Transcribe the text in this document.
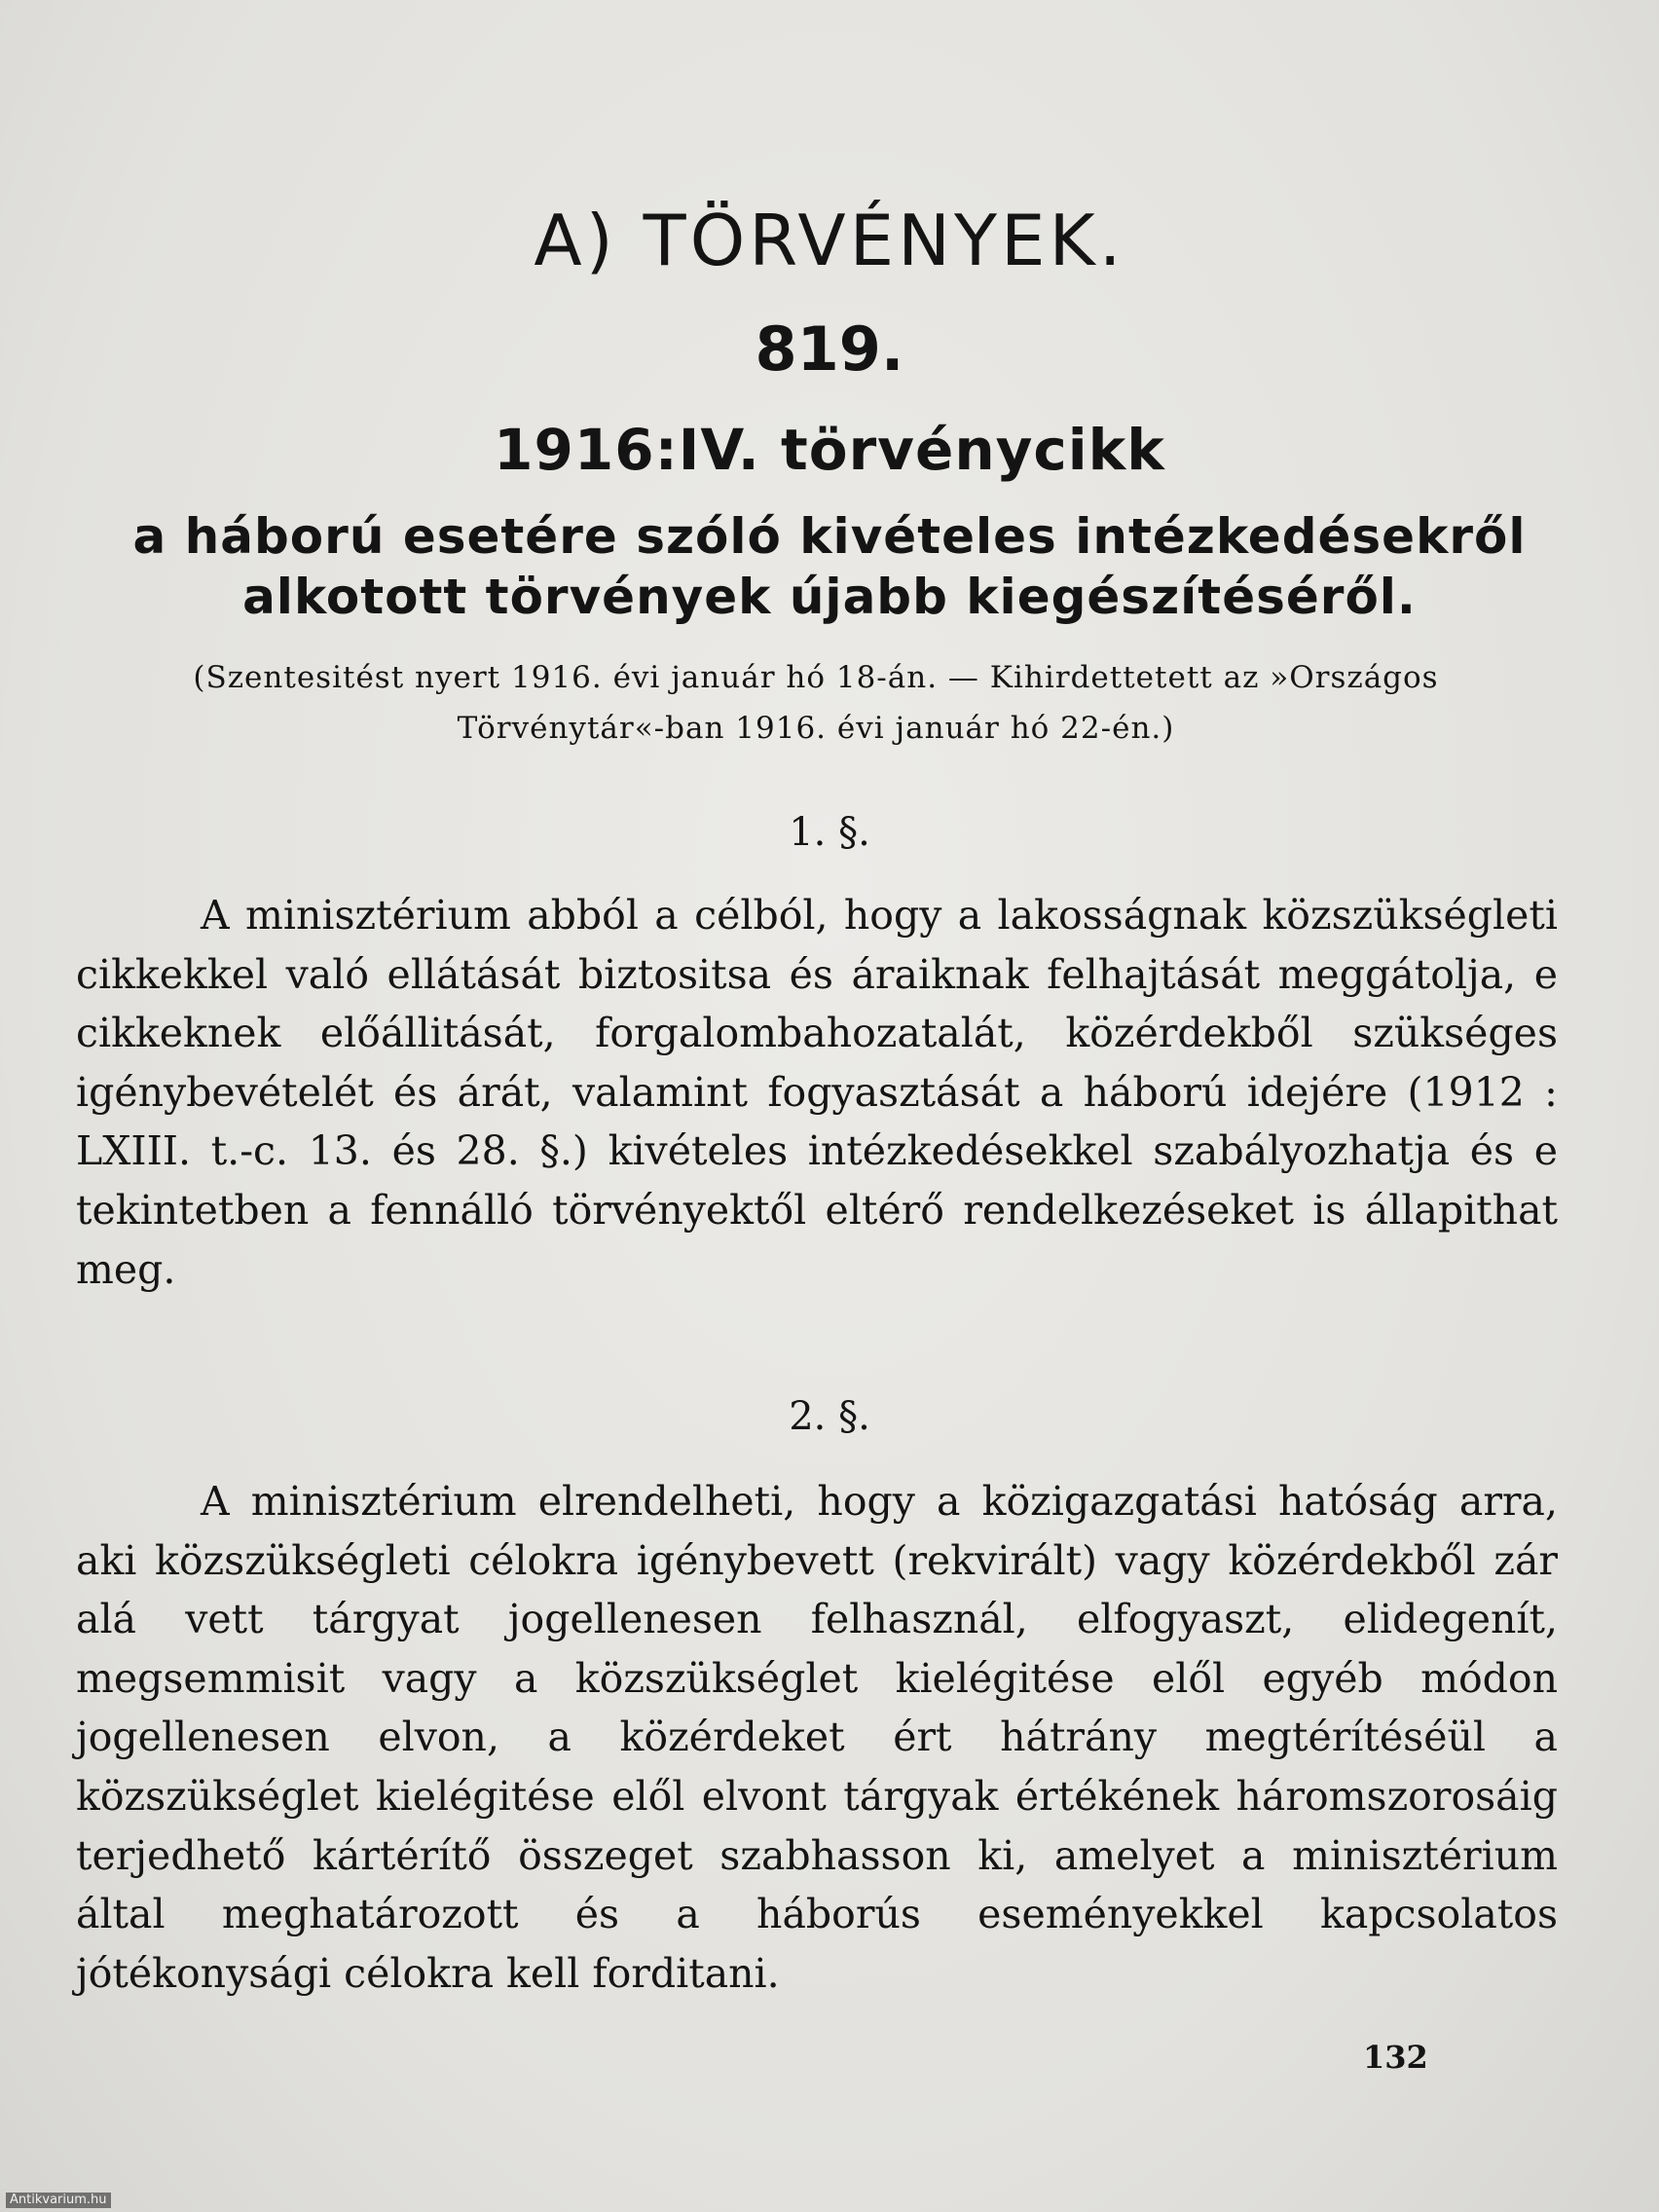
A) TÖRVÉNYEK.
819.
1916:IV. törvénycikk
a háború esetére szóló kivételes intézkedésekről alkotott törvények újabb kiegészítéséről.
(Szentesitést nyert 1916. évi január hó 18-án. — Kihirdettetett az »Országos
Törvénytár«-ban 1916. évi január hó 22-én.)
1. §.
A minisztérium abból a célból, hogy a lakosságnak közszükségleti cikkekkel való ellátását biztositsa és áraiknak felhajtását meggátolja, e cikkeknek előállitását, forgalombahozatalát, közérdekből szükséges igénybevételét és árát, valamint fogyasztását a háború idejére (1912 : LXIII. t.-c. 13. és 28. §.) kivételes intézkedésekkel szabályozhatja és e tekintetben a fennálló törvényektől eltérő rendelkezéseket is állapithat meg.
2. §.
A minisztérium elrendelheti, hogy a közigazgatási hatóság arra, aki közszükségleti célokra igénybevett (rekvirált) vagy közérdekből zár alá vett tárgyat jogellenesen felhasznál, elfogyaszt, elidegenít, megsemmisit vagy a közszükséglet kielégitése elől egyéb módon jogellenesen elvon, a közérdeket ért hátrány megtérítéséül a közszükséglet kielégitése elől elvont tárgyak értékének háromszorosáig terjedhető kártérítő összeget szabhasson ki, amelyet a minisztérium által meghatározott és a háborús eseményekkel kapcsolatos jótékonysági célokra kell forditani.
132
Antikvarium.hu
